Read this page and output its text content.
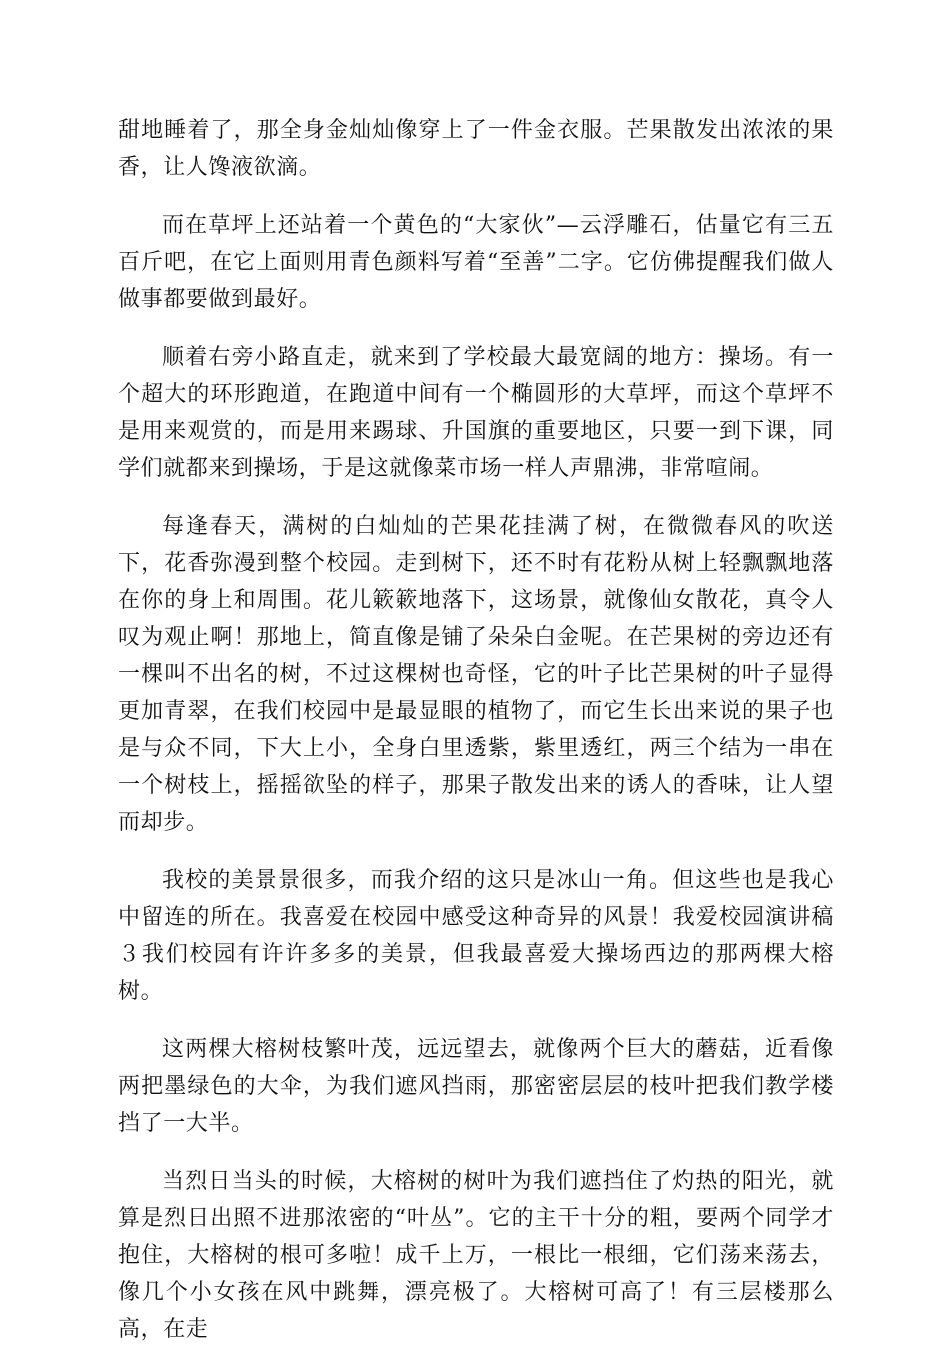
甜地睡着了，那全身金灿灿像穿上了一件金衣服。芒果散发出浓浓的果香，让人馋液欲滴。

而在草坪上还站着一个黄色的“大家伙”—云浮雕石，估量它有三五百斤吧，在它上面则用青色颜料写着“至善”二字。它仿佛提醒我们做人做事都要做到最好。

顺着右旁小路直走，就来到了学校最大最宽阔的地方：操场。有一个超大的环形跑道，在跑道中间有一个椭圆形的大草坪，而这个草坪不是用来观赏的，而是用来踢球、升国旗的重要地区，只要一到下课，同学们就都来到操场，于是这就像菜市场一样人声鼎沸，非常喧闹。

每逢春天，满树的白灿灿的芒果花挂满了树，在微微春风的吹送下，花香弥漫到整个校园。走到树下，还不时有花粉从树上轻飘飘地落在你的身上和周围。花儿簌簌地落下，这场景，就像仙女散花，真令人叹为观止啊！那地上，简直像是铺了朵朵白金呢。在芒果树的旁边还有一棵叫不出名的树，不过这棵树也奇怪，它的叶子比芒果树的叶子显得更加青翠，在我们校园中是最显眼的植物了，而它生长出来说的果子也是与众不同，下大上小，全身白里透紫，紫里透红，两三个结为一串在一个树枝上，摇摇欲坠的样子，那果子散发出来的诱人的香味，让人望而却步。

我校的美景景很多，而我介绍的这只是冰山一角。但这些也是我心中留连的所在。我喜爱在校园中感受这种奇异的风景！我爱校园演讲稿３我们校园有许许多多的美景，但我最喜爱大操场西边的那两棵大榕树。

这两棵大榕树枝繁叶茂，远远望去，就像两个巨大的蘑菇，近看像两把墨绿色的大伞，为我们遮风挡雨，那密密层层的枝叶把我们教学楼挡了一大半。

当烈日当头的时候，大榕树的树叶为我们遮挡住了灼热的阳光，就算是烈日出照不进那浓密的“叶丛”。它的主干十分的粗，要两个同学才抱住，大榕树的根可多啦！成千上万，一根比一根细，它们荡来荡去，像几个小女孩在风中跳舞，漂亮极了。大榕树可高了！有三层楼那么高，在走
